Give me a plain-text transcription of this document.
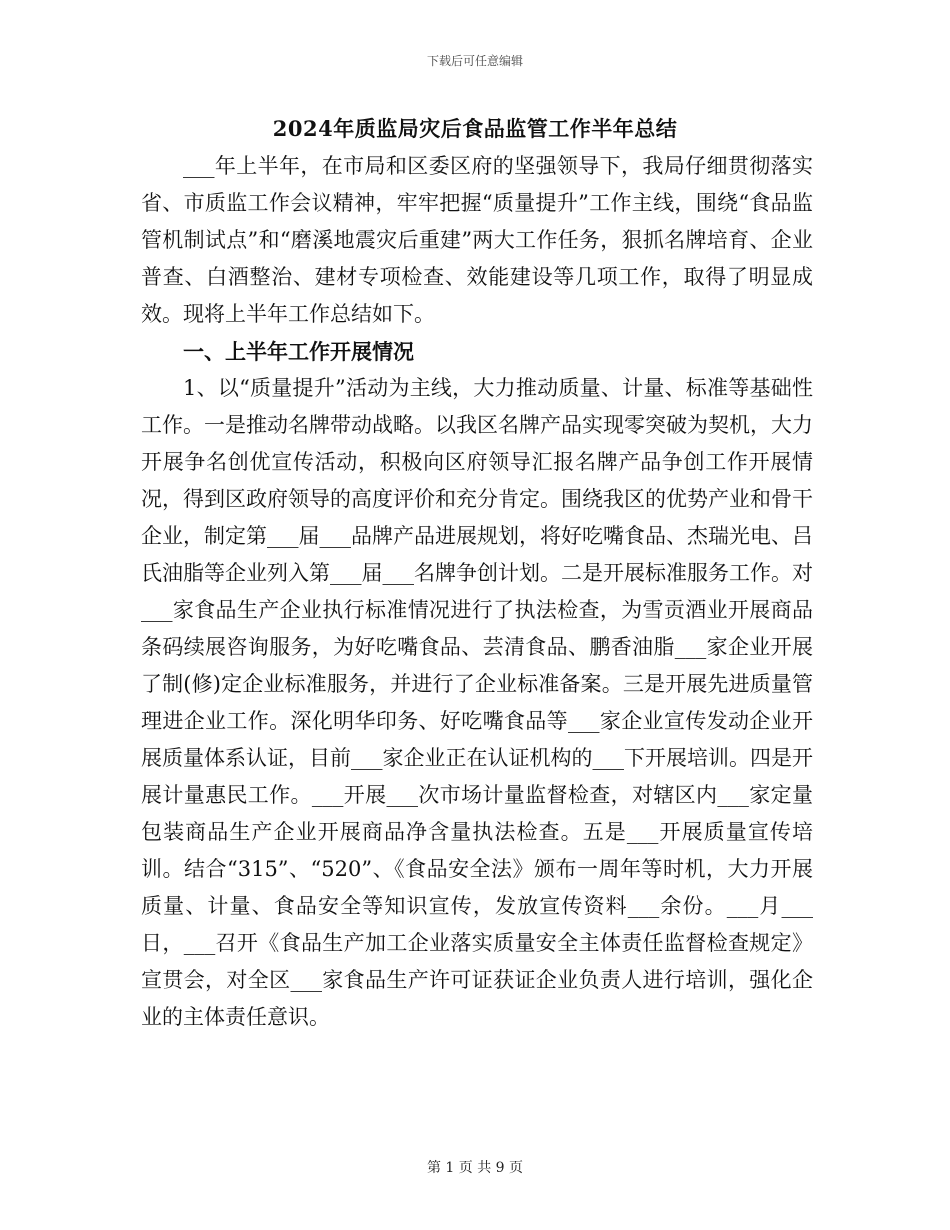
下载后可任意编辑
2024年质监局灾后食品监管工作半年总结

___年上半年，在市局和区委区府的坚强领导下，我局仔细贯彻落实省、市质监工作会议精神，牢牢把握“质量提升”工作主线，围绕“食品监管机制试点”和“磨溪地震灾后重建”两大工作任务，狠抓名牌培育、企业普查、白酒整治、建材专项检查、效能建设等几项工作，取得了明显成效。现将上半年工作总结如下。

一、上半年工作开展情况

1、以“质量提升”活动为主线，大力推动质量、计量、标准等基础性工作。一是推动名牌带动战略。以我区名牌产品实现零突破为契机，大力开展争名创优宣传活动，积极向区府领导汇报名牌产品争创工作开展情况，得到区政府领导的高度评价和充分肯定。围绕我区的优势产业和骨干企业，制定第___届___品牌产品进展规划，将好吃嘴食品、杰瑞光电、吕氏油脂等企业列入第___届___名牌争创计划。二是开展标准服务工作。对___家食品生产企业执行标准情况进行了执法检查，为雪贡酒业开展商品条码续展咨询服务，为好吃嘴食品、芸清食品、鹏香油脂___家企业开展了制(修)定企业标准服务，并进行了企业标准备案。三是开展先进质量管理进企业工作。深化明华印务、好吃嘴食品等___家企业宣传发动企业开展质量体系认证，目前___家企业正在认证机构的___下开展培训。四是开展计量惠民工作。___开展___次市场计量监督检查，对辖区内___家定量包装商品生产企业开展商品净含量执法检查。五是___开展质量宣传培训。结合“315”、“520”、《食品安全法》颁布一周年等时机，大力开展质量、计量、食品安全等知识宣传，发放宣传资料___余份。___月___日，___召开《食品生产加工企业落实质量安全主体责任监督检查规定》宣贯会，对全区___家食品生产许可证获证企业负责人进行培训，强化企业的主体责任意识。

第 1 页 共 9 页
